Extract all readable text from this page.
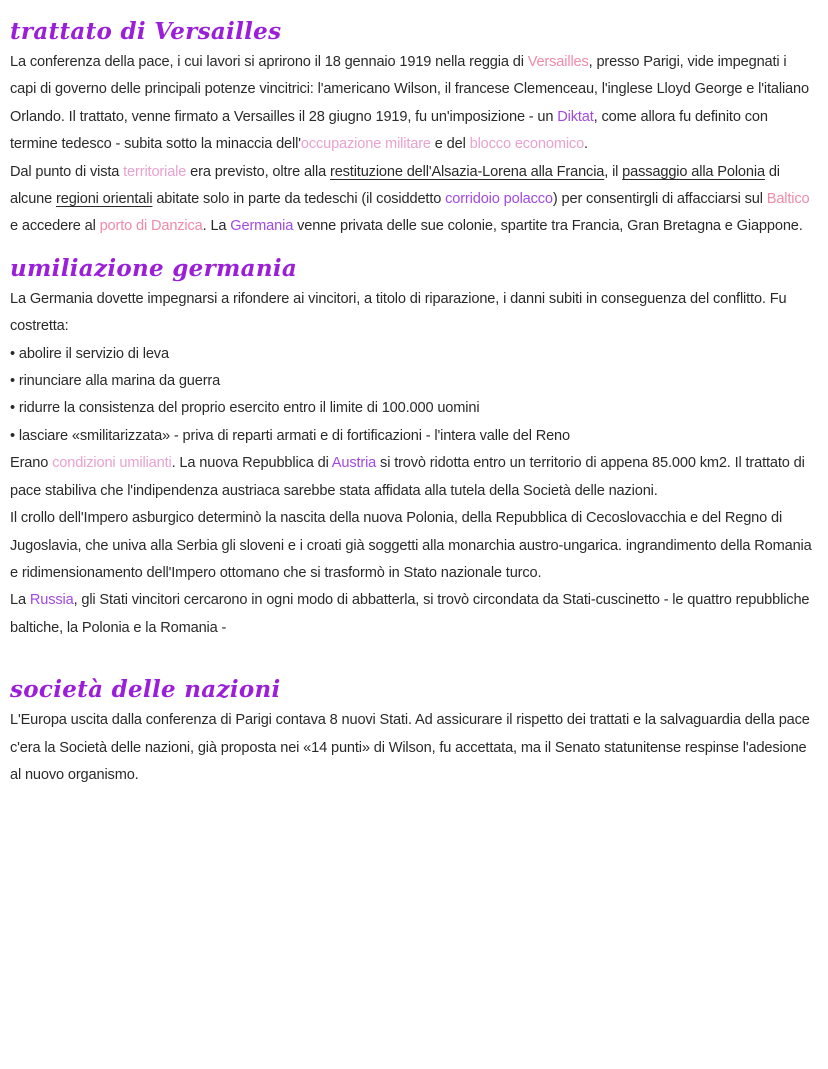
trattato di Versailles

La conferenza della pace, i cui lavori si aprirono il 18 gennaio 1919 nella reggia di Versailles, presso Parigi, vide impegnati i capi di governo delle principali potenze vincitrici: l'americano Wilson, il francese Clemenceau, l'inglese Lloyd George e l'italiano Orlando. Il trattato, venne firmato a Versailles il 28 giugno 1919, fu un'imposizione - un Diktat, come allora fu definito con termine tedesco - subita sotto la minaccia dell'occupazione militare e del blocco economico.

Dal punto di vista territoriale era previsto, oltre alla restituzione dell'Alsazia-Lorena alla Francia, il passaggio alla Polonia di alcune regioni orientali abitate solo in parte da tedeschi (il cosiddetto corridoio polacco) per consentirgli di affacciarsi sul Baltico e accedere al porto di Danzica. La Germania venne privata delle sue colonie, spartite tra Francia, Gran Bretagna e Giappone.

umiliazione germania

La Germania dovette impegnarsi a rifondere ai vincitori, a titolo di riparazione, i danni subiti in conseguenza del conflitto. Fu costretta:

• abolire il servizio di leva
• rinunciare alla marina da guerra
• ridurre la consistenza del proprio esercito entro il limite di 100.000 uomini
• lasciare «smilitarizzata» - priva di reparti armati e di fortificazioni - l'intera valle del Reno

Erano condizioni umilianti. La nuova Repubblica di Austria si trovò ridotta entro un territorio di appena 85.000 km2. Il trattato di pace stabiliva che l'indipendenza austriaca sarebbe stata affidata alla tutela della Società delle nazioni.

Il crollo dell'Impero asburgico determinò la nascita della nuova Polonia, della Repubblica di Cecoslovacchia e del Regno di Jugoslavia, che univa alla Serbia gli sloveni e i croati già soggetti alla monarchia austro-ungarica. ingrandimento della Romania e ridimensionamento dell'Impero ottomano che si trasformò in Stato nazionale turco.

La Russia, gli Stati vincitori cercarono in ogni modo di abbatterla, si trovò circondata da Stati-cuscinetto - le quattro repubbliche baltiche, la Polonia e la Romania -

società delle nazioni

L'Europa uscita dalla conferenza di Parigi contava 8 nuovi Stati. Ad assicurare il rispetto dei trattati e la salvaguardia della pace c'era la Società delle nazioni, già proposta nei «14 punti» di Wilson, fu accettata, ma il Senato statunitense respinse l'adesione al nuovo organismo.
